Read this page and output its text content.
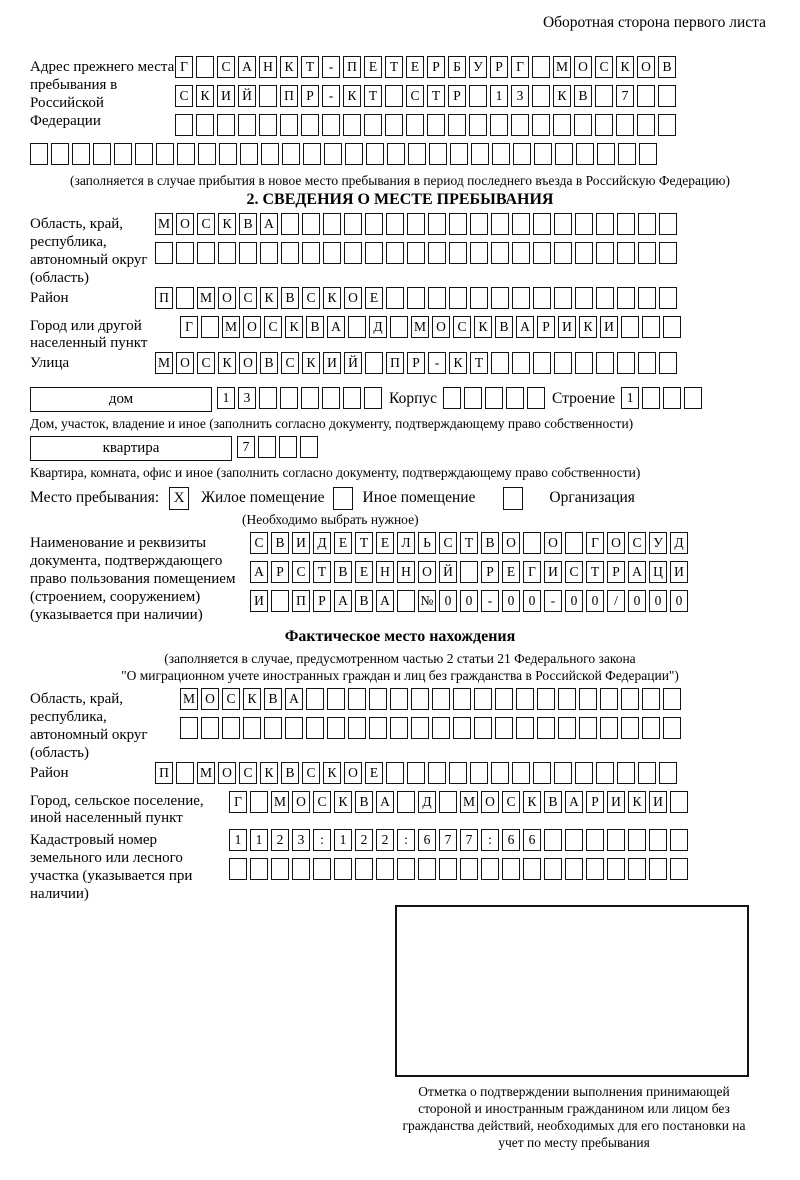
Оборотная сторона первого листа
Адрес прежнего места пребывания в Российской Федерации
Г	С А Н К Т	-	П Е Т Е Р Б У Р Г	М О С К О В
С К И Й	П Р	-	К Т	С Т Р	1	3	К В	7
(заполняется в случае прибытия в новое место пребывания в период последнего въезда в Российскую Федерацию)
2. СВЕДЕНИЯ О МЕСТЕ ПРЕБЫВАНИЯ
Область, край, республика, автономный округ (область)
М О С К В А
Район	П	М О С К В С К О Е
Город или другой населенный пункт
Г	М О С К В А	Д	М О С К В А Р И К И
Улица	М О С К О В С К И Й	П Р	-	К Т
дом	1	3	Корпус	Строение 1
Дом, участок, владение и иное (заполнить согласно документу, подтверждающему право собственности)
квартира	7
Квартира, комната, офис и иное (заполнить согласно документу, подтверждающему право собственности)
Место пребывания: X Жилое помещение Иное помещение	Организация
(Необходимо выбрать нужное)
Наименование и реквизиты документа, подтверждающего право пользования помещением (строением, сооружением) (указывается при наличии)
С В И Д Е Т Е Л Ь С Т В О	О	Г О С У Д
А Р С Т В Е Н Н О Й	Р Е Г И С Т Р А Ц И
И	П Р А В А	№ 0	0	-	0	0	-	0	0	/	0	0	0
Фактическое место нахождения
(заполняется в случае, предусмотренном частью 2 статьи 21 Федерального закона
"О миграционном учете иностранных граждан и лиц без гражданства в Российской Федерации")
Область, край, республика, автономный округ (область)
М О С К В А
Район	П	М О С К В С К О Е
Город, сельское поселение, иной населенный пункт
Г	М О С К В А	Д	М О С К В А Р И К И
Кадастровый номер земельного или лесного участка (указывается при наличии)
1	1	2	3	:	1	2	2	:	6	7	7	:	6	6
Отметка о подтверждении выполнения принимающей стороной и иностранным гражданином или лицом без гражданства действий, необходимых для его постановки на учет по месту пребывания
